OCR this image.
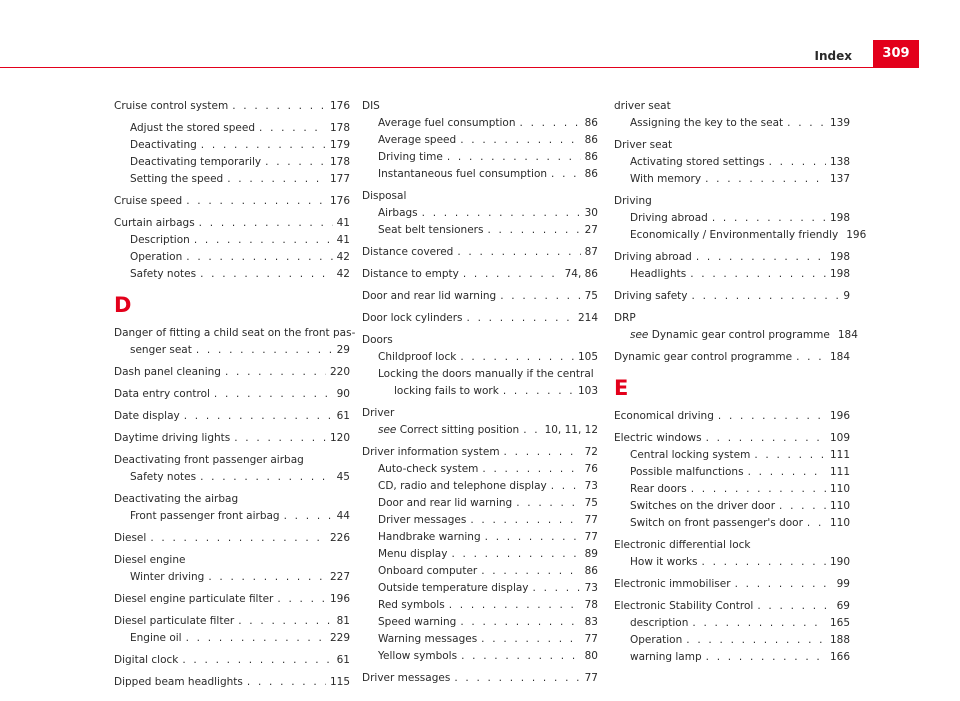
Index	309
Cruise control system . . .	176
Adjust the stored speed . . .	178
Deactivating . . .	179
Deactivating temporarily . . .	178
Setting the speed . . .	177
Cruise speed . . .	176
Curtain airbags . . .	41
Description . . .	41
Operation . . .	42
Safety notes . . .	42
D
Danger of fitting a child seat on the front pas-
senger seat . . .	29
Dash panel cleaning . . .	220
Data entry control . . .	90
Date display . . .	61
Daytime driving lights . . .	120
Deactivating front passenger airbag
Safety notes . . .	45
Deactivating the airbag
Front passenger front airbag . . .	44
Diesel . . .	226
Diesel engine
Winter driving . . .	227
Diesel engine particulate filter . . .	196
Diesel particulate filter . . .	81
Engine oil . . .	229
Digital clock . . .	61
Dipped beam headlights . . .	115
DIS
Average fuel consumption . . .	86
Average speed . . .	86
Driving time . . .	86
Instantaneous fuel consumption . . .	86
Disposal
Airbags . . .	30
Seat belt tensioners . . .	27
Distance covered . . .	87
Distance to empty . . .	74, 86
Door and rear lid warning . . .	75
Door lock cylinders . . .	214
Doors
Childproof lock . . .	105
Locking the doors manually if the central
locking fails to work . . .	103
Driver
see Correct sitting position . . . 10, 11, 12
Driver information system . . .	72
Auto-check system . . .	76
CD, radio and telephone display . . .	73
Door and rear lid warning . . .	75
Driver messages . . .	77
Handbrake warning . . .	77
Menu display . . .	89
Onboard computer . . .	86
Outside temperature display . . .	73
Red symbols . . .	78
Speed warning . . .	83
Warning messages . . .	77
Yellow symbols . . .	80
Driver messages . . .	77
driver seat
Assigning the key to the seat . . .	139
Driver seat
Activating stored settings . . .	138
With memory . . .	137
Driving
Driving abroad . . .	198
Economically / Environmentally friendly 196
Driving abroad . . .	198
Headlights . . .	198
Driving safety . . .	9
DRP
see Dynamic gear control programme 184
Dynamic gear control programme . . .	184
E
Economical driving . . .	196
Electric windows . . .	109
Central locking system . . .	111
Possible malfunctions . . .	111
Rear doors . . .	110
Switches on the driver door . . .	110
Switch on front passenger's door . . .	110
Electronic differential lock
How it works . . .	190
Electronic immobiliser . . .	99
Electronic Stability Control . . .	69
description . . .	165
Operation . . .	188
warning lamp . . .	166
